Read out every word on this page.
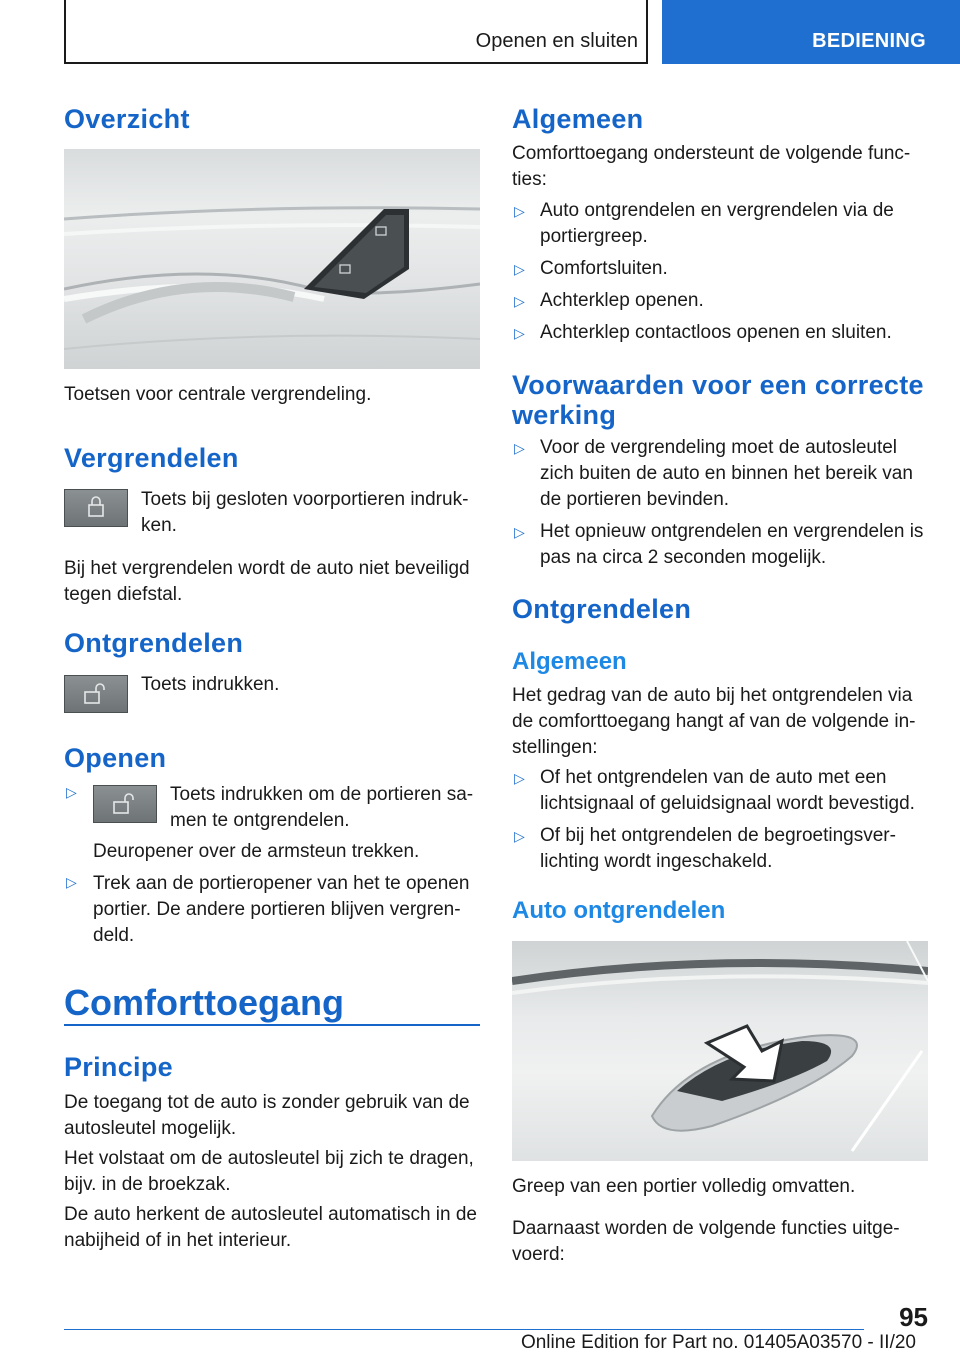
Openen en sluiten	BEDIENING
Overzicht
Toetsen voor centrale vergrendeling.
Vergrendelen
Toets bij gesloten voorportieren indruk-
ken.
Bij het vergrendelen wordt de auto niet beveiligd tegen diefstal.
Ontgrendelen
Toets indrukken.
Openen
▷	Toets indrukken om de portieren sa-
men te ontgrendelen.
Deuropener over de armsteun trekken.
▷ Trek aan de portieropener van het te openen portier. De andere portieren blijven vergren-
deld.
Comforttoegang
Principe
De toegang tot de auto is zonder gebruik van de autosleutel mogelijk.
Het volstaat om de autosleutel bij zich te dragen, bijv. in de broekzak.
De auto herkent de autosleutel automatisch in de nabijheid of in het interieur.
Algemeen
Comforttoegang ondersteunt de volgende func-
ties:
▷ Auto ontgrendelen en vergrendelen via de portiergreep.
▷ Comfortsluiten.
▷ Achterklep openen.
▷ Achterklep contactloos openen en sluiten.
Voorwaarden voor een correcte werking
▷ Voor de vergrendeling moet de autosleutel zich buiten de auto en binnen het bereik van de portieren bevinden.
▷ Het opnieuw ontgrendelen en vergrendelen is pas na circa 2 seconden mogelijk.
Ontgrendelen
Algemeen
Het gedrag van de auto bij het ontgrendelen via de comforttoegang hangt af van de volgende in-
stellingen:
▷ Of het ontgrendelen van de auto met een lichtsignaal of geluidsignaal wordt bevestigd.
▷ Of bij het ontgrendelen de begroetingsver-
lichting wordt ingeschakeld.
Auto ontgrendelen
Greep van een portier volledig omvatten.
Daarnaast worden de volgende functies uitge-
voerd:
95
Online Edition for Part no. 01405A03570 - II/20
